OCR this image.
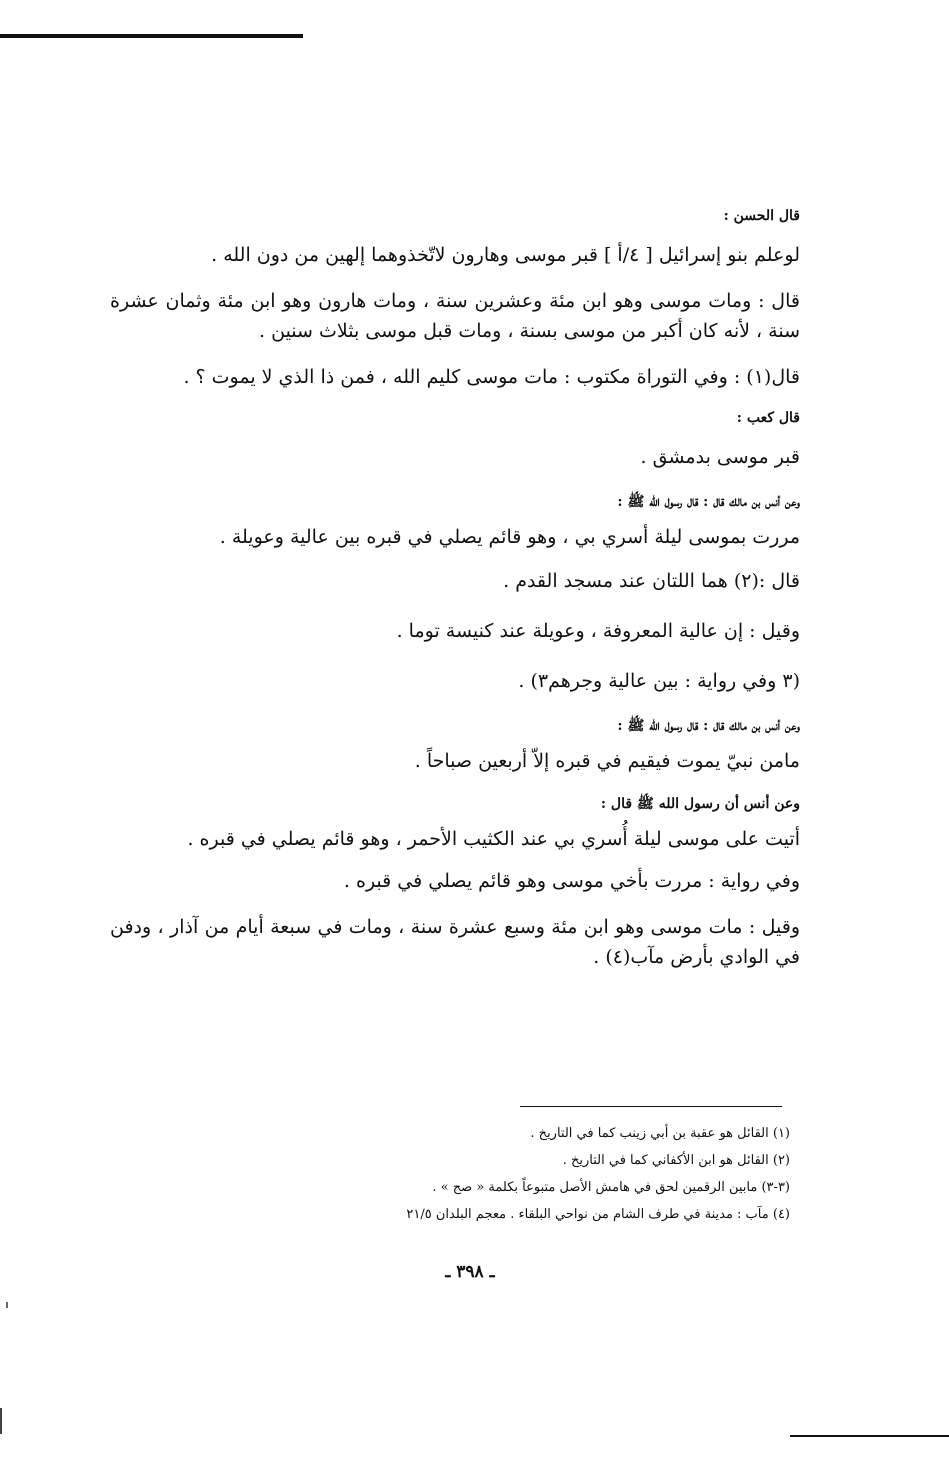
قال الحسن :

لوعلم بنو إسرائيل [ ٤/أ ] قبر موسى وهارون لاتّخذوهما إلهين من دون الله .

قال : ومات موسى وهو ابن مئة وعشرين سنة ، ومات هارون وهو ابن مئة وثمان عشرة سنة ، لأنه كان أكبر من موسى بسنة ، ومات قبل موسى بثلاث سنين .

قال(١) : وفي التوراة مكتوب : مات موسى كليم الله ، فمن ذا الذي لا يموت ؟ .

قال كعب :

قبر موسى بدمشق .

وعن أنس بن مالك قال : قال رسول الله ﷺ :

مررت بموسى ليلة أسري بي ، وهو قائم يصلي في قبره بين عالية وعويلة .

قال :(٢) هما اللتان عند مسجد القدم .

وقيل : إن عالية المعروفة ، وعويلة عند كنيسة توما .

(٣ وفي رواية : بين عالية وجرهم٣) .

وعن أنس بن مالك قال : قال رسول الله ﷺ :

مامن نبيّ يموت فيقيم في قبره إلاّ أربعين صباحاً .

وعن أنس أن رسول الله ﷺ قال :

أتيت على موسى ليلة أُسري بي عند الكثيب الأحمر ، وهو قائم يصلي في قبره .

وفي رواية : مررت بأخي موسى وهو قائم يصلي في قبره .

وقيل : مات موسى وهو ابن مئة وسبع عشرة سنة ، ومات في سبعة أيام من آذار ، ودفن في الوادي بأرض مآب(٤) .

(١) القائل هو عقبة بن أبي زينب كما في التاريخ .

(٢) القائل هو ابن الأكفاني كما في التاريخ .

(٣-٣) مابين الرقمين لحق في هامش الأصل متبوعاً بكلمة « صح » .

(٤) مآب : مدينة في طرف الشام من نواحي البلقاء . معجم البلدان ٢١/٥

ـ ٣٩٨ ـ
